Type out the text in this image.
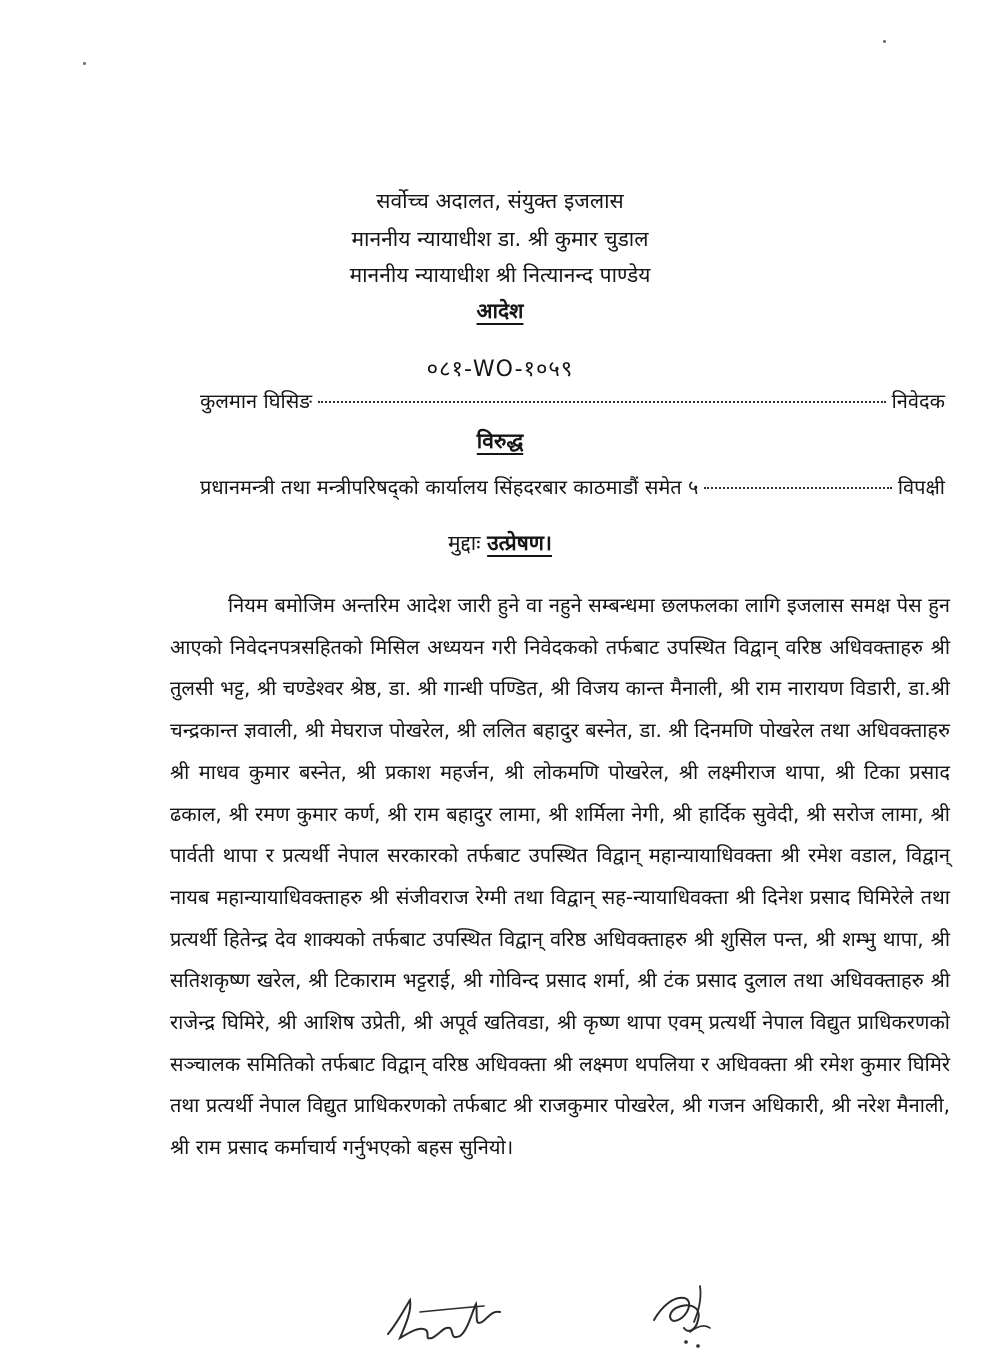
सर्वोच्च अदालत, संयुक्त इजलास
माननीय न्यायाधीश डा. श्री कुमार चुडाल
माननीय न्यायाधीश श्री नित्यानन्द पाण्डेय
आदेश
०८१-WO-१०५९
कुलमान घिसिङ	निवेदक
विरुद्ध
प्रधानमन्त्री तथा मन्त्रीपरिषद्को कार्यालय सिंहदरबार काठमाडौं समेत ५	विपक्षी
मुद्दाः उत्प्रेषण।

नियम बमोजिम अन्तरिम आदेश जारी हुने वा नहुने सम्बन्धमा छलफलका लागि इजलास समक्ष पेस हुन आएको निवेदनपत्रसहितको मिसिल अध्ययन गरी निवेदकको तर्फबाट उपस्थित विद्वान् वरिष्ठ अधिवक्ताहरु श्री तुलसी भट्ट, श्री चण्डेश्वर श्रेष्ठ, डा. श्री गान्धी पण्डित, श्री विजय कान्त मैनाली, श्री राम नारायण विडारी, डा.श्री चन्द्रकान्त ज्ञवाली, श्री मेघराज पोखरेल, श्री ललित बहादुर बस्नेत, डा. श्री दिनमणि पोखरेल तथा अधिवक्ताहरु श्री माधव कुमार बस्नेत, श्री प्रकाश महर्जन, श्री लोकमणि पोखरेल, श्री लक्ष्मीराज थापा, श्री टिका प्रसाद ढकाल, श्री रमण कुमार कर्ण, श्री राम बहादुर लामा, श्री शर्मिला नेगी, श्री हार्दिक सुवेदी, श्री सरोज लामा, श्री पार्वती थापा र प्रत्यर्थी नेपाल सरकारको तर्फबाट उपस्थित विद्वान् महान्यायाधिवक्ता श्री रमेश वडाल, विद्वान् नायब महान्यायाधिवक्ताहरु श्री संजीवराज रेग्मी तथा विद्वान् सह-न्यायाधिवक्ता श्री दिनेश प्रसाद घिमिरेले तथा प्रत्यर्थी हितेन्द्र देव शाक्यको तर्फबाट उपस्थित विद्वान् वरिष्ठ अधिवक्ताहरु श्री शुसिल पन्त, श्री शम्भु थापा, श्री सतिशकृष्ण खरेल, श्री टिकाराम भट्टराई, श्री गोविन्द प्रसाद शर्मा, श्री टंक प्रसाद दुलाल तथा अधिवक्ताहरु श्री राजेन्द्र घिमिरे, श्री आशिष उप्रेती, श्री अपूर्व खतिवडा, श्री कृष्ण थापा एवम् प्रत्यर्थी नेपाल विद्युत प्राधिकरणको सञ्चालक समितिको तर्फबाट विद्वान् वरिष्ठ अधिवक्ता श्री लक्ष्मण थपलिया र अधिवक्ता श्री रमेश कुमार घिमिरे तथा प्रत्यर्थी नेपाल विद्युत प्राधिकरणको तर्फबाट श्री राजकुमार पोखरेल, श्री गजन अधिकारी, श्री नरेश मैनाली, श्री राम प्रसाद कर्माचार्य गर्नुभएको बहस सुनियो।
